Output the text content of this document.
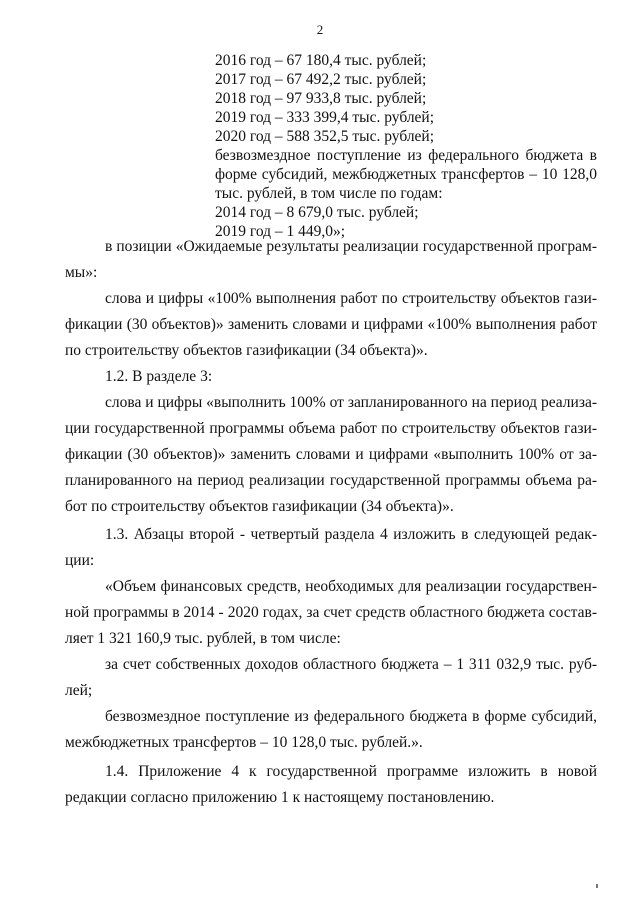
2
2016 год – 67 180,4 тыс. рублей;
2017 год – 67 492,2 тыс. рублей;
2018 год – 97 933,8 тыс. рублей;
2019 год – 333 399,4 тыс. рублей;
2020 год – 588 352,5 тыс. рублей;
безвозмездное поступление из федерального бюджета в
форме субсидий, межбюджетных трансфертов – 10 128,0
тыс. рублей, в том числе по годам:
2014 год – 8 679,0 тыс. рублей;
2019 год – 1 449,0»;
в позиции «Ожидаемые результаты реализации государственной програм-
мы»:
слова и цифры «100% выполнения работ по строительству объектов гази-
фикации (30 объектов)» заменить словами и цифрами «100% выполнения работ
по строительству объектов газификации (34 объекта)».
1.2. В разделе 3:
слова и цифры «выполнить 100% от запланированного на период реализа-
ции государственной программы объема работ по строительству объектов гази-
фикации (30 объектов)» заменить словами и цифрами «выполнить 100% от за-
планированного на период реализации государственной программы объема ра-
бот по строительству объектов газификации (34 объекта)».
1.3. Абзацы второй - четвертый раздела 4 изложить в следующей редак-
ции:
«Объем финансовых средств, необходимых для реализации государствен-
ной программы в 2014 - 2020 годах, за счет средств областного бюджета состав-
ляет 1 321 160,9 тыс. рублей, в том числе:
за счет собственных доходов областного бюджета – 1 311 032,9 тыс. руб-
лей;
безвозмездное поступление из федерального бюджета в форме субсидий,
межбюджетных трансфертов – 10 128,0 тыс. рублей.».
1.4. Приложение 4 к государственной программе изложить в новой
редакции согласно приложению 1 к настоящему постановлению.
